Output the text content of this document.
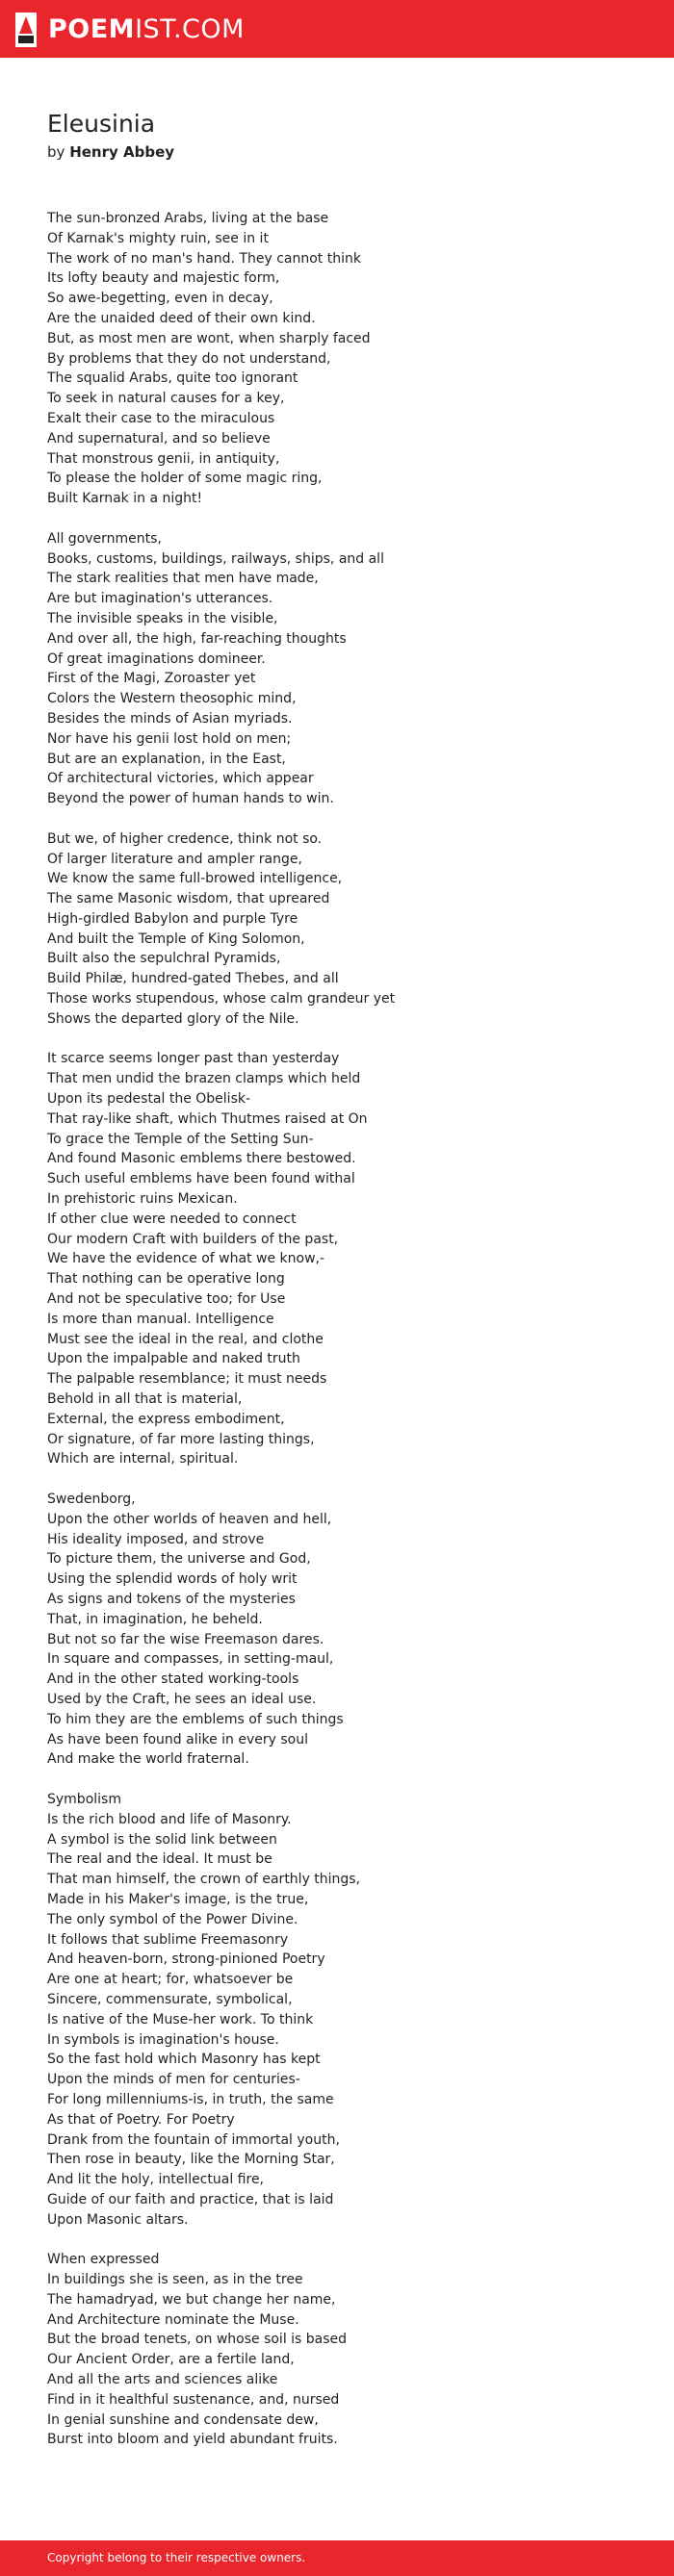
POEMIST.COM
Eleusinia
by Henry Abbey
The sun-bronzed Arabs, living at the base
Of Karnak's mighty ruin, see in it
The work of no man's hand. They cannot think
Its lofty beauty and majestic form,
So awe-begetting, even in decay,
Are the unaided deed of their own kind.
But, as most men are wont, when sharply faced
By problems that they do not understand,
The squalid Arabs, quite too ignorant
To seek in natural causes for a key,
Exalt their case to the miraculous
And supernatural, and so believe
That monstrous genii, in antiquity,
To please the holder of some magic ring,
Built Karnak in a night!
All governments,
Books, customs, buildings, railways, ships, and all
The stark realities that men have made,
Are but imagination's utterances.
The invisible speaks in the visible,
And over all, the high, far-reaching thoughts
Of great imaginations domineer.
First of the Magi, Zoroaster yet
Colors the Western theosophic mind,
Besides the minds of Asian myriads.
Nor have his genii lost hold on men;
But are an explanation, in the East,
Of architectural victories, which appear
Beyond the power of human hands to win.
But we, of higher credence, think not so.
Of larger literature and ampler range,
We know the same full-browed intelligence,
The same Masonic wisdom, that upreared
High-girdled Babylon and purple Tyre
And built the Temple of King Solomon,
Built also the sepulchral Pyramids,
Build Philæ, hundred-gated Thebes, and all
Those works stupendous, whose calm grandeur yet
Shows the departed glory of the Nile.
It scarce seems longer past than yesterday
That men undid the brazen clamps which held
Upon its pedestal the Obelisk-
That ray-like shaft, which Thutmes raised at On
To grace the Temple of the Setting Sun-
And found Masonic emblems there bestowed.
Such useful emblems have been found withal
In prehistoric ruins Mexican.
If other clue were needed to connect
Our modern Craft with builders of the past,
We have the evidence of what we know,-
That nothing can be operative long
And not be speculative too; for Use
Is more than manual. Intelligence
Must see the ideal in the real, and clothe
Upon the impalpable and naked truth
The palpable resemblance; it must needs
Behold in all that is material,
External, the express embodiment,
Or signature, of far more lasting things,
Which are internal, spiritual.
Swedenborg,
Upon the other worlds of heaven and hell,
His ideality imposed, and strove
To picture them, the universe and God,
Using the splendid words of holy writ
As signs and tokens of the mysteries
That, in imagination, he beheld.
But not so far the wise Freemason dares.
In square and compasses, in setting-maul,
And in the other stated working-tools
Used by the Craft, he sees an ideal use.
To him they are the emblems of such things
As have been found alike in every soul
And make the world fraternal.
Symbolism
Is the rich blood and life of Masonry.
A symbol is the solid link between
The real and the ideal. It must be
That man himself, the crown of earthly things,
Made in his Maker's image, is the true,
The only symbol of the Power Divine.
It follows that sublime Freemasonry
And heaven-born, strong-pinioned Poetry
Are one at heart; for, whatsoever be
Sincere, commensurate, symbolical,
Is native of the Muse-her work. To think
In symbols is imagination's house.
So the fast hold which Masonry has kept
Upon the minds of men for centuries-
For long millenniums-is, in truth, the same
As that of Poetry. For Poetry
Drank from the fountain of immortal youth,
Then rose in beauty, like the Morning Star,
And lit the holy, intellectual fire,
Guide of our faith and practice, that is laid
Upon Masonic altars.
When expressed
In buildings she is seen, as in the tree
The hamadryad, we but change her name,
And Architecture nominate the Muse.
But the broad tenets, on whose soil is based
Our Ancient Order, are a fertile land,
And all the arts and sciences alike
Find in it healthful sustenance, and, nursed
In genial sunshine and condensate dew,
Burst into bloom and yield abundant fruits.
Copyright belong to their respective owners.
